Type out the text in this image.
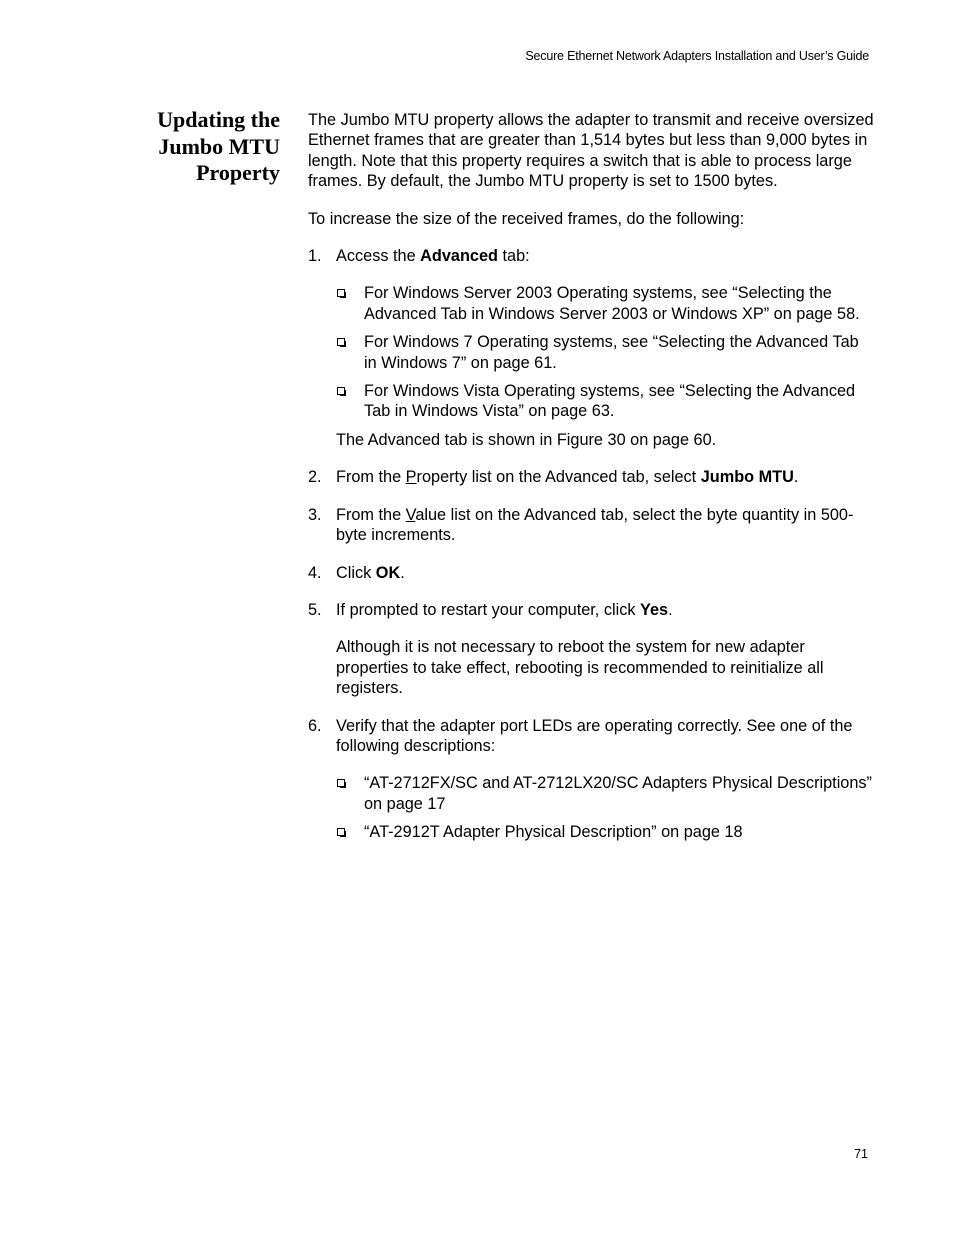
Secure Ethernet Network Adapters Installation and User’s Guide
Updating the
Jumbo MTU
Property

The Jumbo MTU property allows the adapter to transmit and receive oversized Ethernet frames that are greater than 1,514 bytes but less than 9,000 bytes in length. Note that this property requires a switch that is able to process large frames. By default, the Jumbo MTU property is set to 1500 bytes.

To increase the size of the received frames, do the following:

1. Access the Advanced tab:
For Windows Server 2003 Operating systems, see “Selecting the Advanced Tab in Windows Server 2003 or Windows XP” on page 58.
For Windows 7 Operating systems, see “Selecting the Advanced Tab in Windows 7” on page 61.
For Windows Vista Operating systems, see “Selecting the Advanced Tab in Windows Vista” on page 63.

The Advanced tab is shown in Figure 30 on page 60.

2. From the Property list on the Advanced tab, select Jumbo MTU.
3. From the Value list on the Advanced tab, select the byte quantity in 500-byte increments.
4. Click OK.
5. If prompted to restart your computer, click Yes.

Although it is not necessary to reboot the system for new adapter properties to take effect, rebooting is recommended to reinitialize all registers.

6. Verify that the adapter port LEDs are operating correctly. See one of the following descriptions:
“AT-2712FX/SC and AT-2712LX20/SC Adapters Physical Descriptions” on page 17
“AT-2912T Adapter Physical Description” on page 18
71
